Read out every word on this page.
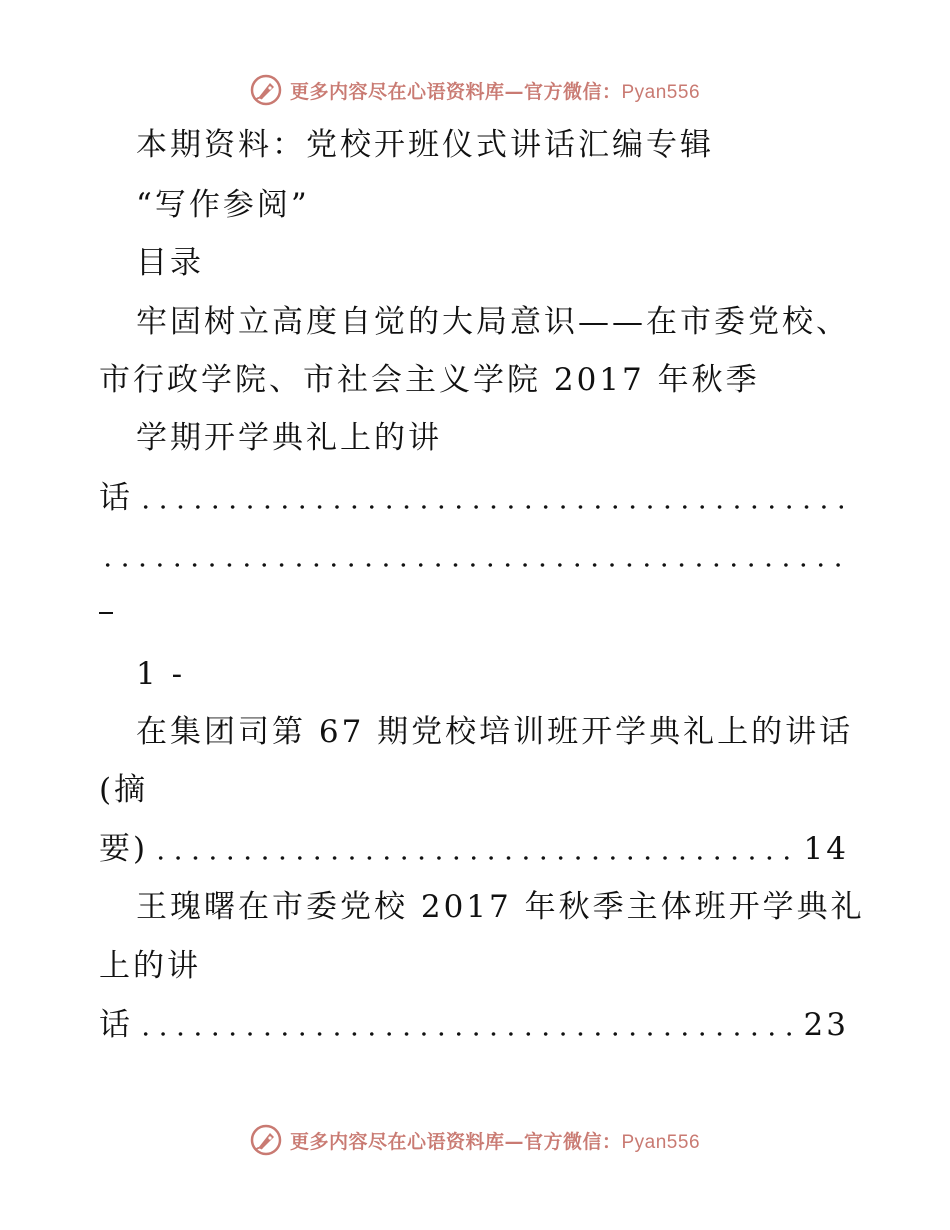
更多内容尽在心语资料库—官方微信：Pyan556
本期资料：党校开班仪式讲话汇编专辑
“写作参阅”
目录
牢固树立高度自觉的大局意识——在市委党校、
市行政学院、市社会主义学院 2017 年秋季
学期开学典礼上的讲
话
1 -
在集团司第 67 期党校培训班开学典礼上的讲话
(摘
要)	14
王瑰曙在市委党校 2017 年秋季主体班开学典礼
上的讲
话	23
更多内容尽在心语资料库—官方微信：Pyan556
